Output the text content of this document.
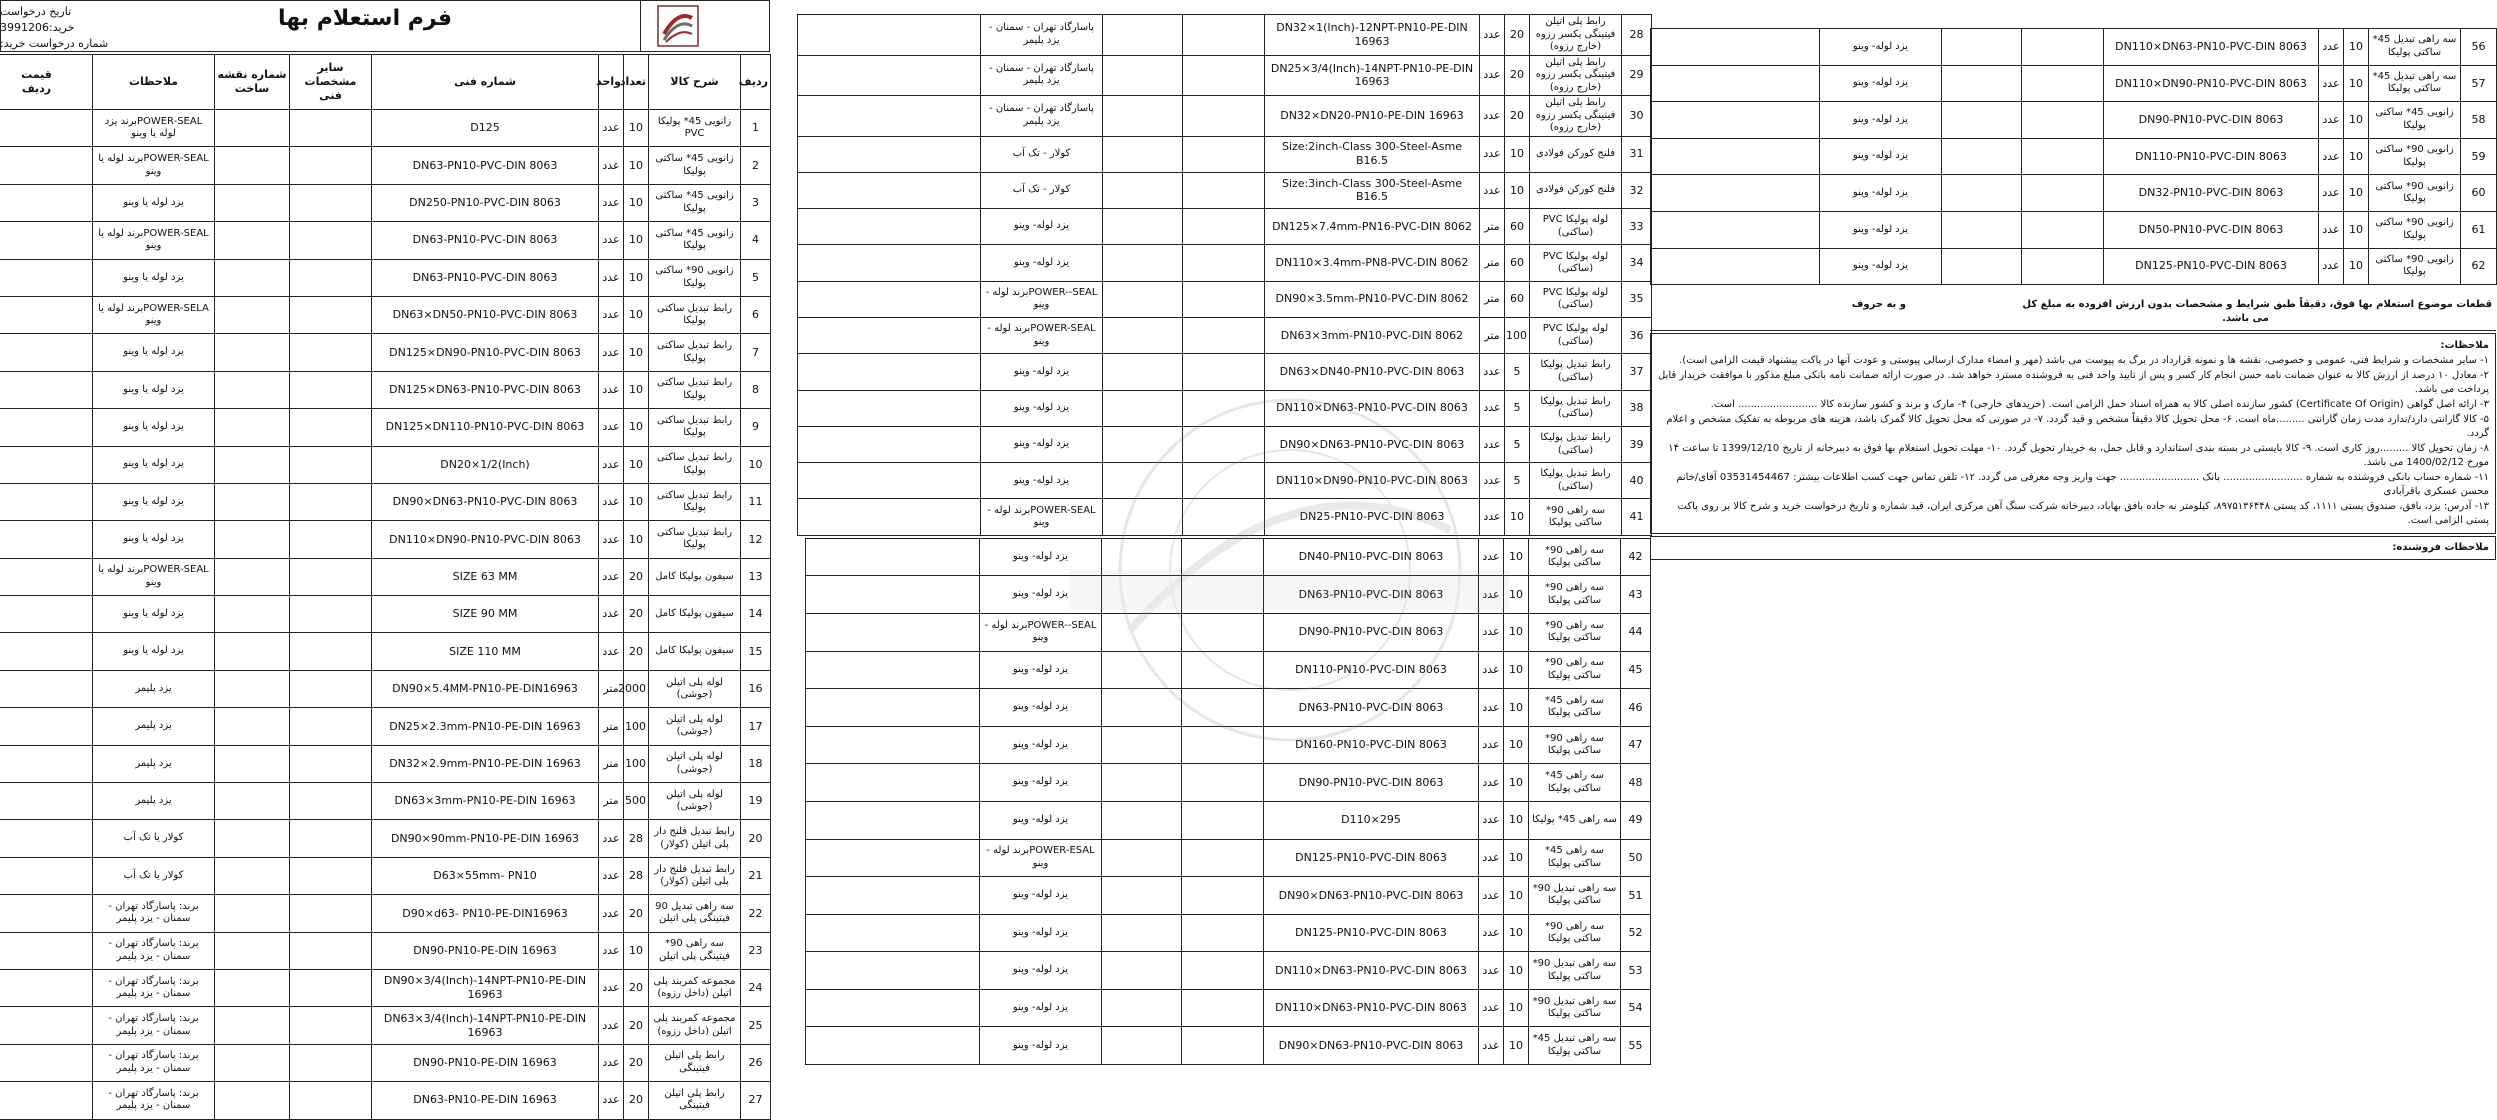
تاریخ درخواست خرید:3991206
شماره درخواست خرید:
فرم استعلام بها
ردیف	شرح کالا	تعداد	واحد	شماره فنی	سایر مشخصات فنی	شماره نقشه ساخت	ملاحظات	قیمت
ردیف
1	زانویی 45* پولیکا PVC	10	عدد	D125			POWER-SEALبرند یزد لوله یا وینو	
2	زانویی 45* ساکتی پولیکا	10	عدد	DN63-PN10-PVC-DIN 8063			POWER-SEALبرند لوله یا وینو	
3	زانویی 45* ساکتی پولیکا	10	عدد	DN250-PN10-PVC-DIN 8063			یزد لوله یا وینو	
4	زانویی 45* ساکتی پولیکا	10	عدد	DN63-PN10-PVC-DIN 8063			POWER-SEALبرند لوله یا وینو	
5	زانویی 90* ساکتی پولیکا	10	عدد	DN63-PN10-PVC-DIN 8063			یزد لوله یا وینو	
6	رابط تبدیل ساکتی پولیکا	10	عدد	DN63×DN50-PN10-PVC-DIN 8063			POWER-SELAبرند لوله یا وینو	
7	رابط تبدیل ساکتی پولیکا	10	عدد	DN125×DN90-PN10-PVC-DIN 8063			یزد لوله یا وینو	
8	رابط تبدیل ساکتی پولیکا	10	عدد	DN125×DN63-PN10-PVC-DIN 8063			یزد لوله یا وینو	
9	رابط تبدیل ساکتی پولیکا	10	عدد	DN125×DN110-PN10-PVC-DIN 8063			یزد لوله یا وینو	
10	رابط تبدیل ساکتی پولیکا	10	عدد	DN20×1/2(Inch)			یزد لوله یا وینو	
11	رابط تبدیل ساکتی پولیکا	10	عدد	DN90×DN63-PN10-PVC-DIN 8063			یزد لوله یا وینو	
12	رابط تبدیل ساکتی پولیکا	10	عدد	DN110×DN90-PN10-PVC-DIN 8063			یزد لوله یا وینو	
13	سیفون پولیکا کامل	20	عدد	SIZE 63 MM			POWER-SEALبرند لوله یا وینو	
14	سیفون پولیکا کامل	20	عدد	SIZE 90 MM			یزد لوله یا وینو	
15	سیفون پولیکا کامل	20	عدد	SIZE 110 MM			یزد لوله یا وینو	
16	لوله پلی اتیلن (جوشی)	2000	متر	DN90×5.4MM-PN10-PE-DIN16963			یزد پلیمر	
17	لوله پلی اتیلن (جوشی)	100	متر	DN25×2.3mm-PN10-PE-DIN 16963			یزد پلیمر	
18	لوله پلی اتیلن (جوشی)	100	متر	DN32×2.9mm-PN10-PE-DIN 16963			یزد پلیمر	
19	لوله پلی اتیلن (جوشی)	500	متر	DN63×3mm-PN10-PE-DIN 16963			یزد پلیمر	
20	رابط تبدیل فلنج دار پلی اتیلن (کولار)	28	عدد	DN90×90mm-PN10-PE-DIN 16963			کولار یا تک آب	
21	رابط تبدیل فلنج دار پلی اتیلن (کولار)	28	عدد	D63×55mm- PN10			کولار یا تک آب	
22	سه راهی تبدیل 90 فیتینگی پلی اتیلن	20	عدد	D90×d63- PN10-PE-DIN16963			برند: پاسارگاد تهران - سمنان - یزد پلیمر	
23	سه راهی 90* فیتینگی پلی اتیلن	10	عدد	DN90-PN10-PE-DIN 16963			برند: پاسارگاد تهران - سمنان - یزد پلیمر	
24	مجموعه کمربند پلی اتیلن (داخل رزوه)	20	عدد	DN90×3/4(Inch)-14NPT-PN10-PE-DIN 16963			برند: پاسارگاد تهران - سمنان - یزد پلیمر	
25	مجموعه کمربند پلی اتیلن (داخل رزوه)	20	عدد	DN63×3/4(Inch)-14NPT-PN10-PE-DIN 16963			برند: پاسارگاد تهران - سمنان - یزد پلیمر	
26	رابط پلی اتیلن فیتینگی	20	عدد	DN90-PN10-PE-DIN 16963			برند: پاسارگاد تهران - سمنان - یزد پلیمر	
27	رابط پلی اتیلن فیتینگی	20	عدد	DN63-PN10-PE-DIN 16963			برند: پاسارگاد تهران - سمنان - یزد پلیمر	
28	رابط پلی اتیلن فیتینگی یکسر رزوه (خارج رزوه)	20	عدد	DN32×1(Inch)-12NPT-PN10-PE-DIN 16963			پاسارگاد تهران - سمنان - یزد پلیمر	
29	رابط پلی اتیلن فیتینگی یکسر رزوه (خارج رزوه)	20	عدد	DN25×3/4(Inch)-14NPT-PN10-PE-DIN 16963			پاسارگاد تهران - سمنان - یزد پلیمر	
30	رابط پلی اتیلن فیتینگی یکسر رزوه (خارج رزوه)	20	عدد	DN32×DN20-PN10-PE-DIN 16963			پاسارگاد تهران - سمنان - یزد پلیمر	
31	فلنج کورکن فولادی	10	عدد	Size:2inch-Class 300-Steel-Asme B16.5			کولار - تک آب	
32	فلنج کورکن فولادی	10	عدد	Size:3inch-Class 300-Steel-Asme B16.5			کولار - تک آب	
33	لوله پولیکا PVC (ساکتی)	60	متر	DN125×7.4mm-PN16-PVC-DIN 8062			یزد لوله- وینو	
34	لوله پولیکا PVC (ساکتی)	60	متر	DN110×3.4mm-PN8-PVC-DIN 8062			یزد لوله- وینو	
35	لوله پولیکا PVC (ساکتی)	60	متر	DN90×3.5mm-PN10-PVC-DIN 8062			POWER--SEALبرند لوله - وینو	
36	لوله پولیکا PVC (ساکتی)	100	متر	DN63×3mm-PN10-PVC-DIN 8062			POWER-SEALبرند لوله - وینو	
37	رابط تبدیل پولیکا (ساکتی)	5	عدد	DN63×DN40-PN10-PVC-DIN 8063			یزد لوله- وینو	
38	رابط تبدیل پولیکا (ساکتی)	5	عدد	DN110×DN63-PN10-PVC-DIN 8063			یزد لوله- وینو	
39	رابط تبدیل پولیکا (ساکتی)	5	عدد	DN90×DN63-PN10-PVC-DIN 8063			یزد لوله- وینو	
40	رابط تبدیل پولیکا (ساکتی)	5	عدد	DN110×DN90-PN10-PVC-DIN 8063			یزد لوله- وینو	
41	سه راهی 90* ساکتی پولیکا	10	عدد	DN25-PN10-PVC-DIN 8063			POWER-SEALبرند لوله - وینو	
42	سه راهی 90* ساکتی پولیکا	10	عدد	DN40-PN10-PVC-DIN 8063			یزد لوله- وینو	
43	سه راهی 90* ساکتی پولیکا	10	عدد	DN63-PN10-PVC-DIN 8063			یزد لوله- وینو	
44	سه راهی 90* ساکتی پولیکا	10	عدد	DN90-PN10-PVC-DIN 8063			POWER--SEALبرند لوله - وینو	
45	سه راهی 90* ساکتی پولیکا	10	عدد	DN110-PN10-PVC-DIN 8063			یزد لوله- وینو	
46	سه راهی 45* ساکتی پولیکا	10	عدد	DN63-PN10-PVC-DIN 8063			یزد لوله- وینو	
47	سه راهی 90* ساکتی پولیکا	10	عدد	DN160-PN10-PVC-DIN 8063			یزد لوله- وینو	
48	سه راهی 45* ساکتی پولیکا	10	عدد	DN90-PN10-PVC-DIN 8063			یزد لوله- وینو	
49	سه راهی 45* پولیکا	10	عدد	D110×295			یزد لوله- وینو	
50	سه راهی 45* ساکتی پولیکا	10	عدد	DN125-PN10-PVC-DIN 8063			POWER-ESALبرند لوله - وینو	
51	سه راهی تبدیل 90* ساکتی پولیکا	10	عدد	DN90×DN63-PN10-PVC-DIN 8063			یزد لوله- وینو	
52	سه راهی 90* ساکتی پولیکا	10	عدد	DN125-PN10-PVC-DIN 8063			یزد لوله- وینو	
53	سه راهی تبدیل 90* ساکتی پولیکا	10	عدد	DN110×DN63-PN10-PVC-DIN 8063			یزد لوله- وینو	
54	سه راهی تبدیل 90* ساکتی پولیکا	10	عدد	DN110×DN63-PN10-PVC-DIN 8063			یزد لوله- وینو	
55	سه راهی تبدیل 45* ساکتی پولیکا	10	عدد	DN90×DN63-PN10-PVC-DIN 8063			یزد لوله- وینو	
56	سه راهی تبدیل 45* ساکتی پولیکا	10	عدد	DN110×DN63-PN10-PVC-DIN 8063			یزد لوله- وینو	
57	سه راهی تبدیل 45* ساکتی پولیکا	10	عدد	DN110×DN90-PN10-PVC-DIN 8063			یزد لوله- وینو	
58	زانویی 45* ساکتی پولیکا	10	عدد	DN90-PN10-PVC-DIN 8063			یزد لوله- وینو	
59	زانویی 90* ساکتی پولیکا	10	عدد	DN110-PN10-PVC-DIN 8063			یزد لوله- وینو	
60	زانویی 90* ساکتی پولیکا	10	عدد	DN32-PN10-PVC-DIN 8063			یزد لوله- وینو	
61	زانویی 90* ساکتی پولیکا	10	عدد	DN50-PN10-PVC-DIN 8063			یزد لوله- وینو	
62	زانویی 90* ساکتی پولیکا	10	عدد	DN125-PN10-PVC-DIN 8063			یزد لوله- وینو	
قطعات موضوع استعلام بها فوق، دقیقاً طبق شرایط و مشخصات بدون ارزش افزوده به مبلغ کل  و به حروف  می باشد.
ملاحظات:
۱- سایر مشخصات و شرایط فنی، عمومی و خصوصی، نقشه ها و نمونه قرارداد در برگ به پیوست می باشد (مهر و امضاء مدارک ارسالی پیوستی و عودت آنها در پاکت پیشنهاد قیمت الزامی است).
۲- معادل ۱۰ درصد از ارزش کالا به عنوان ضمانت نامه حسن انجام کار کسر و پس از تایید واحد فنی به فروشنده مسترد خواهد شد. در صورت ارائه ضمانت نامه بانکی مبلغ مذکور با موافقت خریدار قابل پرداخت می باشد.
۳- ارائه اصل گواهی (Certificate Of Origin) کشور سازنده اصلی کالا به همراه اسناد حمل الزامی است. (خریدهای خارجی) ۴- مارک و برند و کشور سازنده کالا ......................... است.
۵- کالا گارانتی دارد/ندارد مدت زمان گارانتی .........ماه است. ۶- محل تحویل کالا دقیقاً مشخص و قید گردد. ۷- در صورتی که محل تحویل کالا گمرک باشد، هزینه های مربوطه به تفکیک مشخص و اعلام گردد.
۸- زمان تحویل کالا .........روز کاری است. ۹- کالا بایستی در بسته بندی استاندارد و قابل حمل، به خریدار تحویل گردد. ۱۰- مهلت تحویل استعلام بها فوق به دبیرخانه از تاریخ 1399/12/10 تا ساعت ۱۴ مورخ 1400/02/12 می باشد.
۱۱- شماره حساب بانکی فروشنده به شماره ......................... بانک ......................... جهت واریز وجه معرفی می گردد. ۱۲- تلفن تماس جهت کسب اطلاعات بیشتر: 03531454467 آقای/خانم محسن عسکری باقرآبادی
۱۳- آدرس: یزد، بافق، صندوق پستی ۱۱۱۱، کد پستی ۸۹۷۵۱۳۶۴۴۸، کیلومتر نه جاده بافق بهاباد، دبیرخانه شرکت سنگ آهن مرکزی ایران، قید شماره و تاریخ درخواست خرید و شرح کالا بر روی پاکت پستی الزامی است.
ملاحظات فروشنده:
